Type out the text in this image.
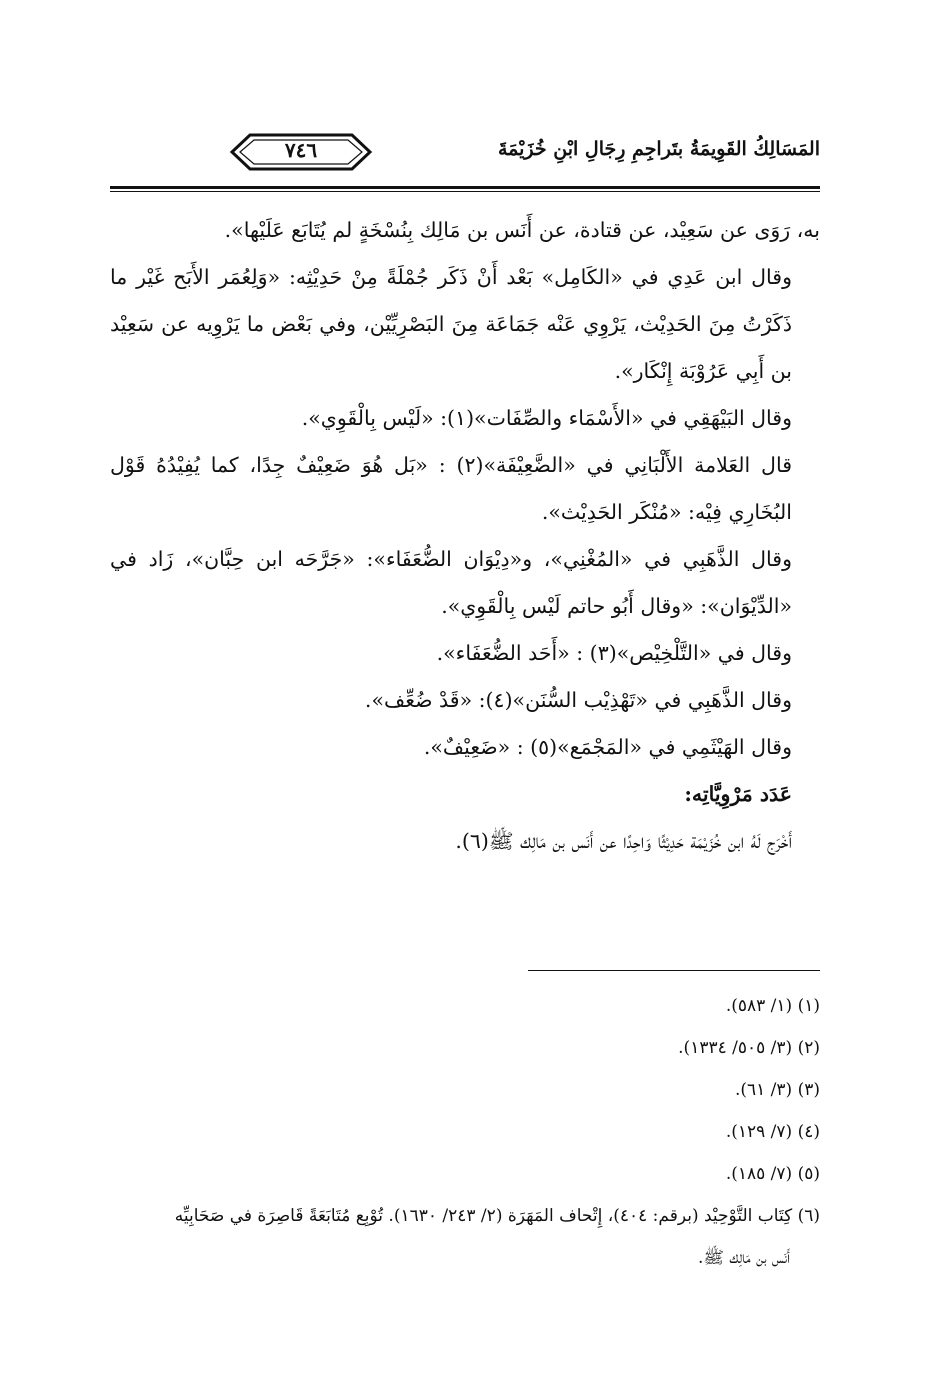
المَسَالِكُ القَوِيمَةُ بتَراجِمِ رِجَالِ ابْنِ خُزَيْمَةَ
٧٤٦

به، رَوَى عن سَعِيْد، عن قتادة، عن أَنَس بن مَالِك بِنُسْخَةٍ لم يُتَابَع عَلَيْها».

وقال ابن عَدِي في «الكَامِل» بَعْد أَنْ ذَكَر جُمْلَةً مِنْ حَدِيْثِه: «وَلِعُمَر الأَبَح غَيْر ما ذَكَرْتُ مِنَ الحَدِيْث، يَرْوِي عَنْه جَمَاعَة مِنَ البَصْرِيِّيْن، وفي بَعْض ما يَرْوِيه عن سَعِيْد بن أَبِي عَرُوْبَة إِنْكَار».

وقال البَيْهَقِي في «الأَسْمَاء والصِّفَات»(١): «لَيْس بِالْقَوِي».

قال العَلامة الأَلْبَانِي في «الضَّعِيْفَة»(٢) : «بَل هُوَ ضَعِيْفٌ جِدًا، كما يُفِيْدُهُ قَوْل البُخَارِي فِيْه: «مُنْكَر الحَدِيْث».

وقال الذَّهَبِي في «المُغْنِي»، و«دِيْوَان الضُّعَفَاء»: «جَرَّحَه ابن حِبَّان»، زَاد في «الدِّيْوَان»: «وقال أَبُو حاتم لَيْس بِالْقَوِي».

وقال في «التَّلْخِيْص»(٣) : «أَحَد الضُّعَفَاء».

وقال الذَّهَبِي في «تَهْذِيْب السُّنَن»(٤): «قَدْ ضُعِّف».

وقال الهَيْثَمِي في «المَجْمَع»(٥) : «ضَعِيْفٌ».

عَدَد مَرْوِيَّاتِه:

أَخْرَج لَهُ ابن خُزَيْمَة حَدِيْثًا وَاحِدًا عن أَنَس بن مَالِك ﷺ(٦).

(١) (١/ ٥٨٣).

(٢) (٣/ ٥٠٥/ ١٣٣٤).

(٣) (٣/ ٦١).

(٤) (٧/ ١٢٩).

(٥) (٧/ ١٨٥).

(٦) كِتَاب التَّوْحِيْد (برقم: ٤٠٤)، إِتْحاف المَهَرَة (٢/ ٢٤٣/ ١٦٣٠). تُوْبِع مُتَابَعَةً قَاصِرَة في صَحَابِيِّه

أَنَس بن مَالِك ﷺ.
